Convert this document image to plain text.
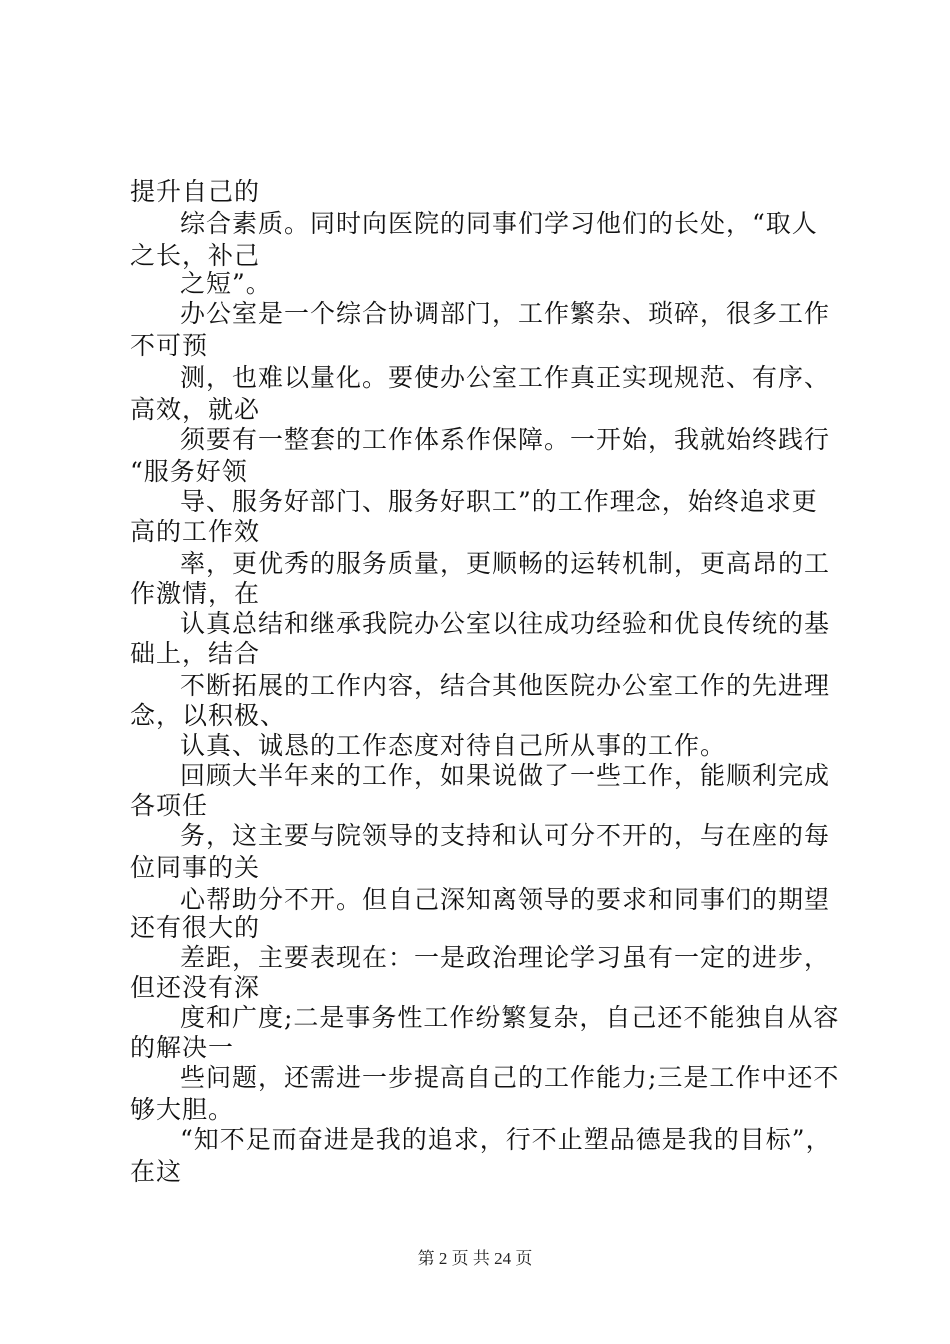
提升自己的
综合素质。同时向医院的同事们学习他们的长处，“取人
之长，补己
之短”。
办公室是一个综合协调部门，工作繁杂、琐碎，很多工作
不可预
测，也难以量化。要使办公室工作真正实现规范、有序、
高效，就必
须要有一整套的工作体系作保障。一开始，我就始终践行
“服务好领
导、服务好部门、服务好职工”的工作理念，始终追求更
高的工作效
率，更优秀的服务质量，更顺畅的运转机制，更高昂的工
作激情，在
认真总结和继承我院办公室以往成功经验和优良传统的基
础上，结合
不断拓展的工作内容，结合其他医院办公室工作的先进理
念，以积极、
认真、诚恳的工作态度对待自己所从事的工作。
回顾大半年来的工作，如果说做了一些工作，能顺利完成
各项任
务，这主要与院领导的支持和认可分不开的，与在座的每
位同事的关
心帮助分不开。但自己深知离领导的要求和同事们的期望
还有很大的
差距，主要表现在：一是政治理论学习虽有一定的进步，
但还没有深
度和广度;二是事务性工作纷繁复杂，自己还不能独自从容
的解决一
些问题，还需进一步提高自己的工作能力;三是工作中还不
够大胆。
“知不足而奋进是我的追求，行不止塑品德是我的目标”，
在这
第 2 页 共 24 页
